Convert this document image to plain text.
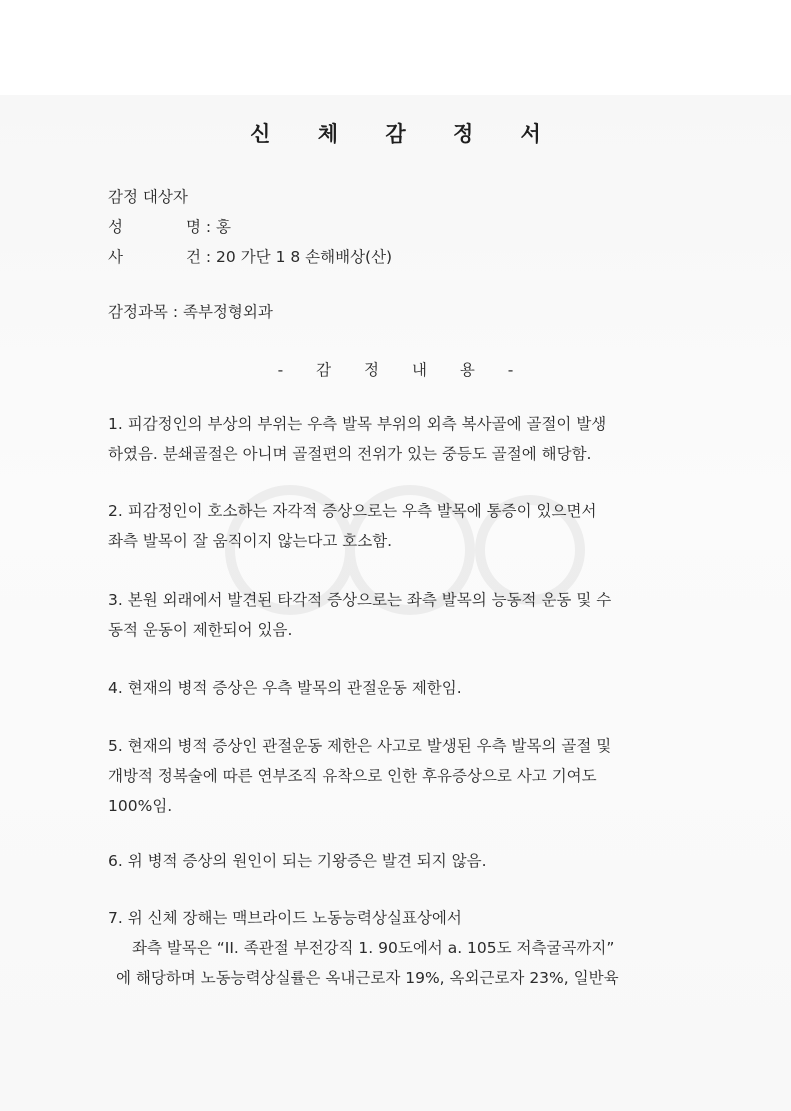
신 체 감 정 서
감정 대상자
성	명 : 홍
사	건 : 20 가단 1 8 손해배상(산)
감정과목 : 족부정형외과
- 감 정 내 용 -
1. 피감정인의 부상의 부위는 우측 발목 부위의 외측 복사골에 골절이 발생
하였음. 분쇄골절은 아니며 골절편의 전위가 있는 중등도 골절에 해당함.
2. 피감정인이 호소하는 자각적 증상으로는 우측 발목에 통증이 있으면서
좌측 발목이 잘 움직이지 않는다고 호소함.
3. 본원 외래에서 발견된 타각적 증상으로는 좌측 발목의 능동적 운동 및 수
동적 운동이 제한되어 있음.
4. 현재의 병적 증상은 우측 발목의 관절운동 제한임.
5. 현재의 병적 증상인 관절운동 제한은 사고로 발생된 우측 발목의 골절 및
개방적 정복술에 따른 연부조직 유착으로 인한 후유증상으로 사고 기여도
100%임.
6. 위 병적 증상의 원인이 되는 기왕증은 발견 되지 않음.
7. 위 신체 장해는 맥브라이드 노동능력상실표상에서
좌측 발목은 “II. 족관절 부전강직 1. 90도에서 a. 105도 저측굴곡까지”
에 해당하며 노동능력상실률은 옥내근로자 19%, 옥외근로자 23%, 일반육
